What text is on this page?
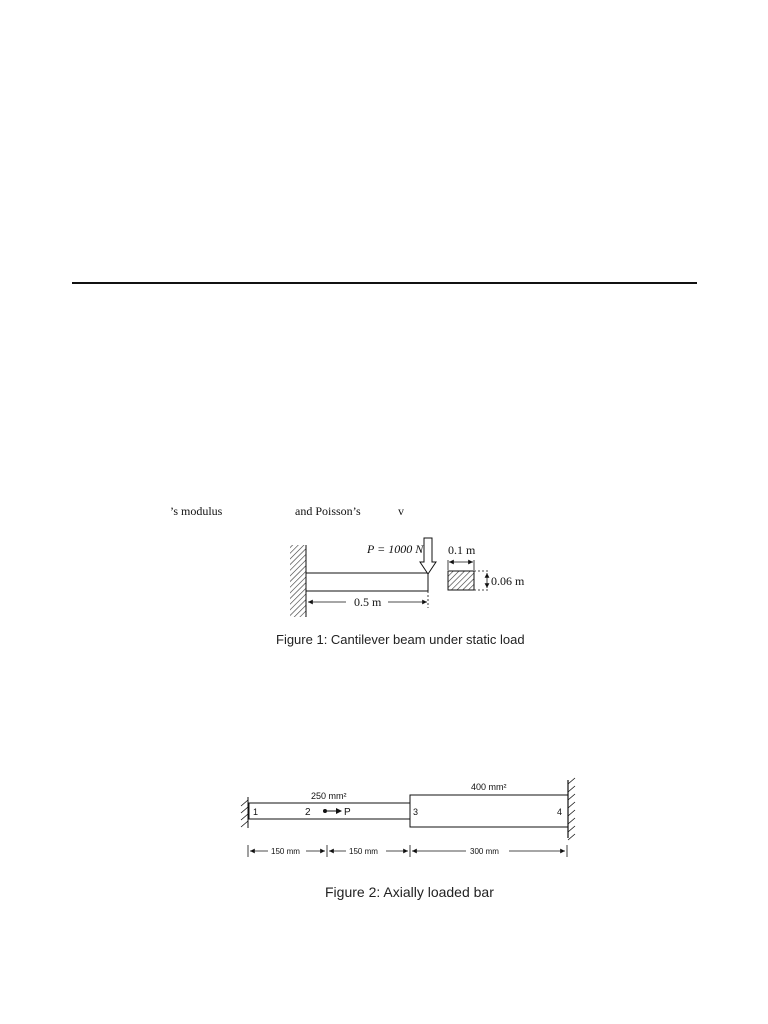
’s modulus	and Poisson’s	v
P = 1000 N
0.5 m
0.06 m
0.1 m
Figure 1: Cantilever beam under static load
250 mm²
400 mm²
1	2	3	4
P
150 mm	150 mm	300 mm
Figure 2: Axially loaded bar
